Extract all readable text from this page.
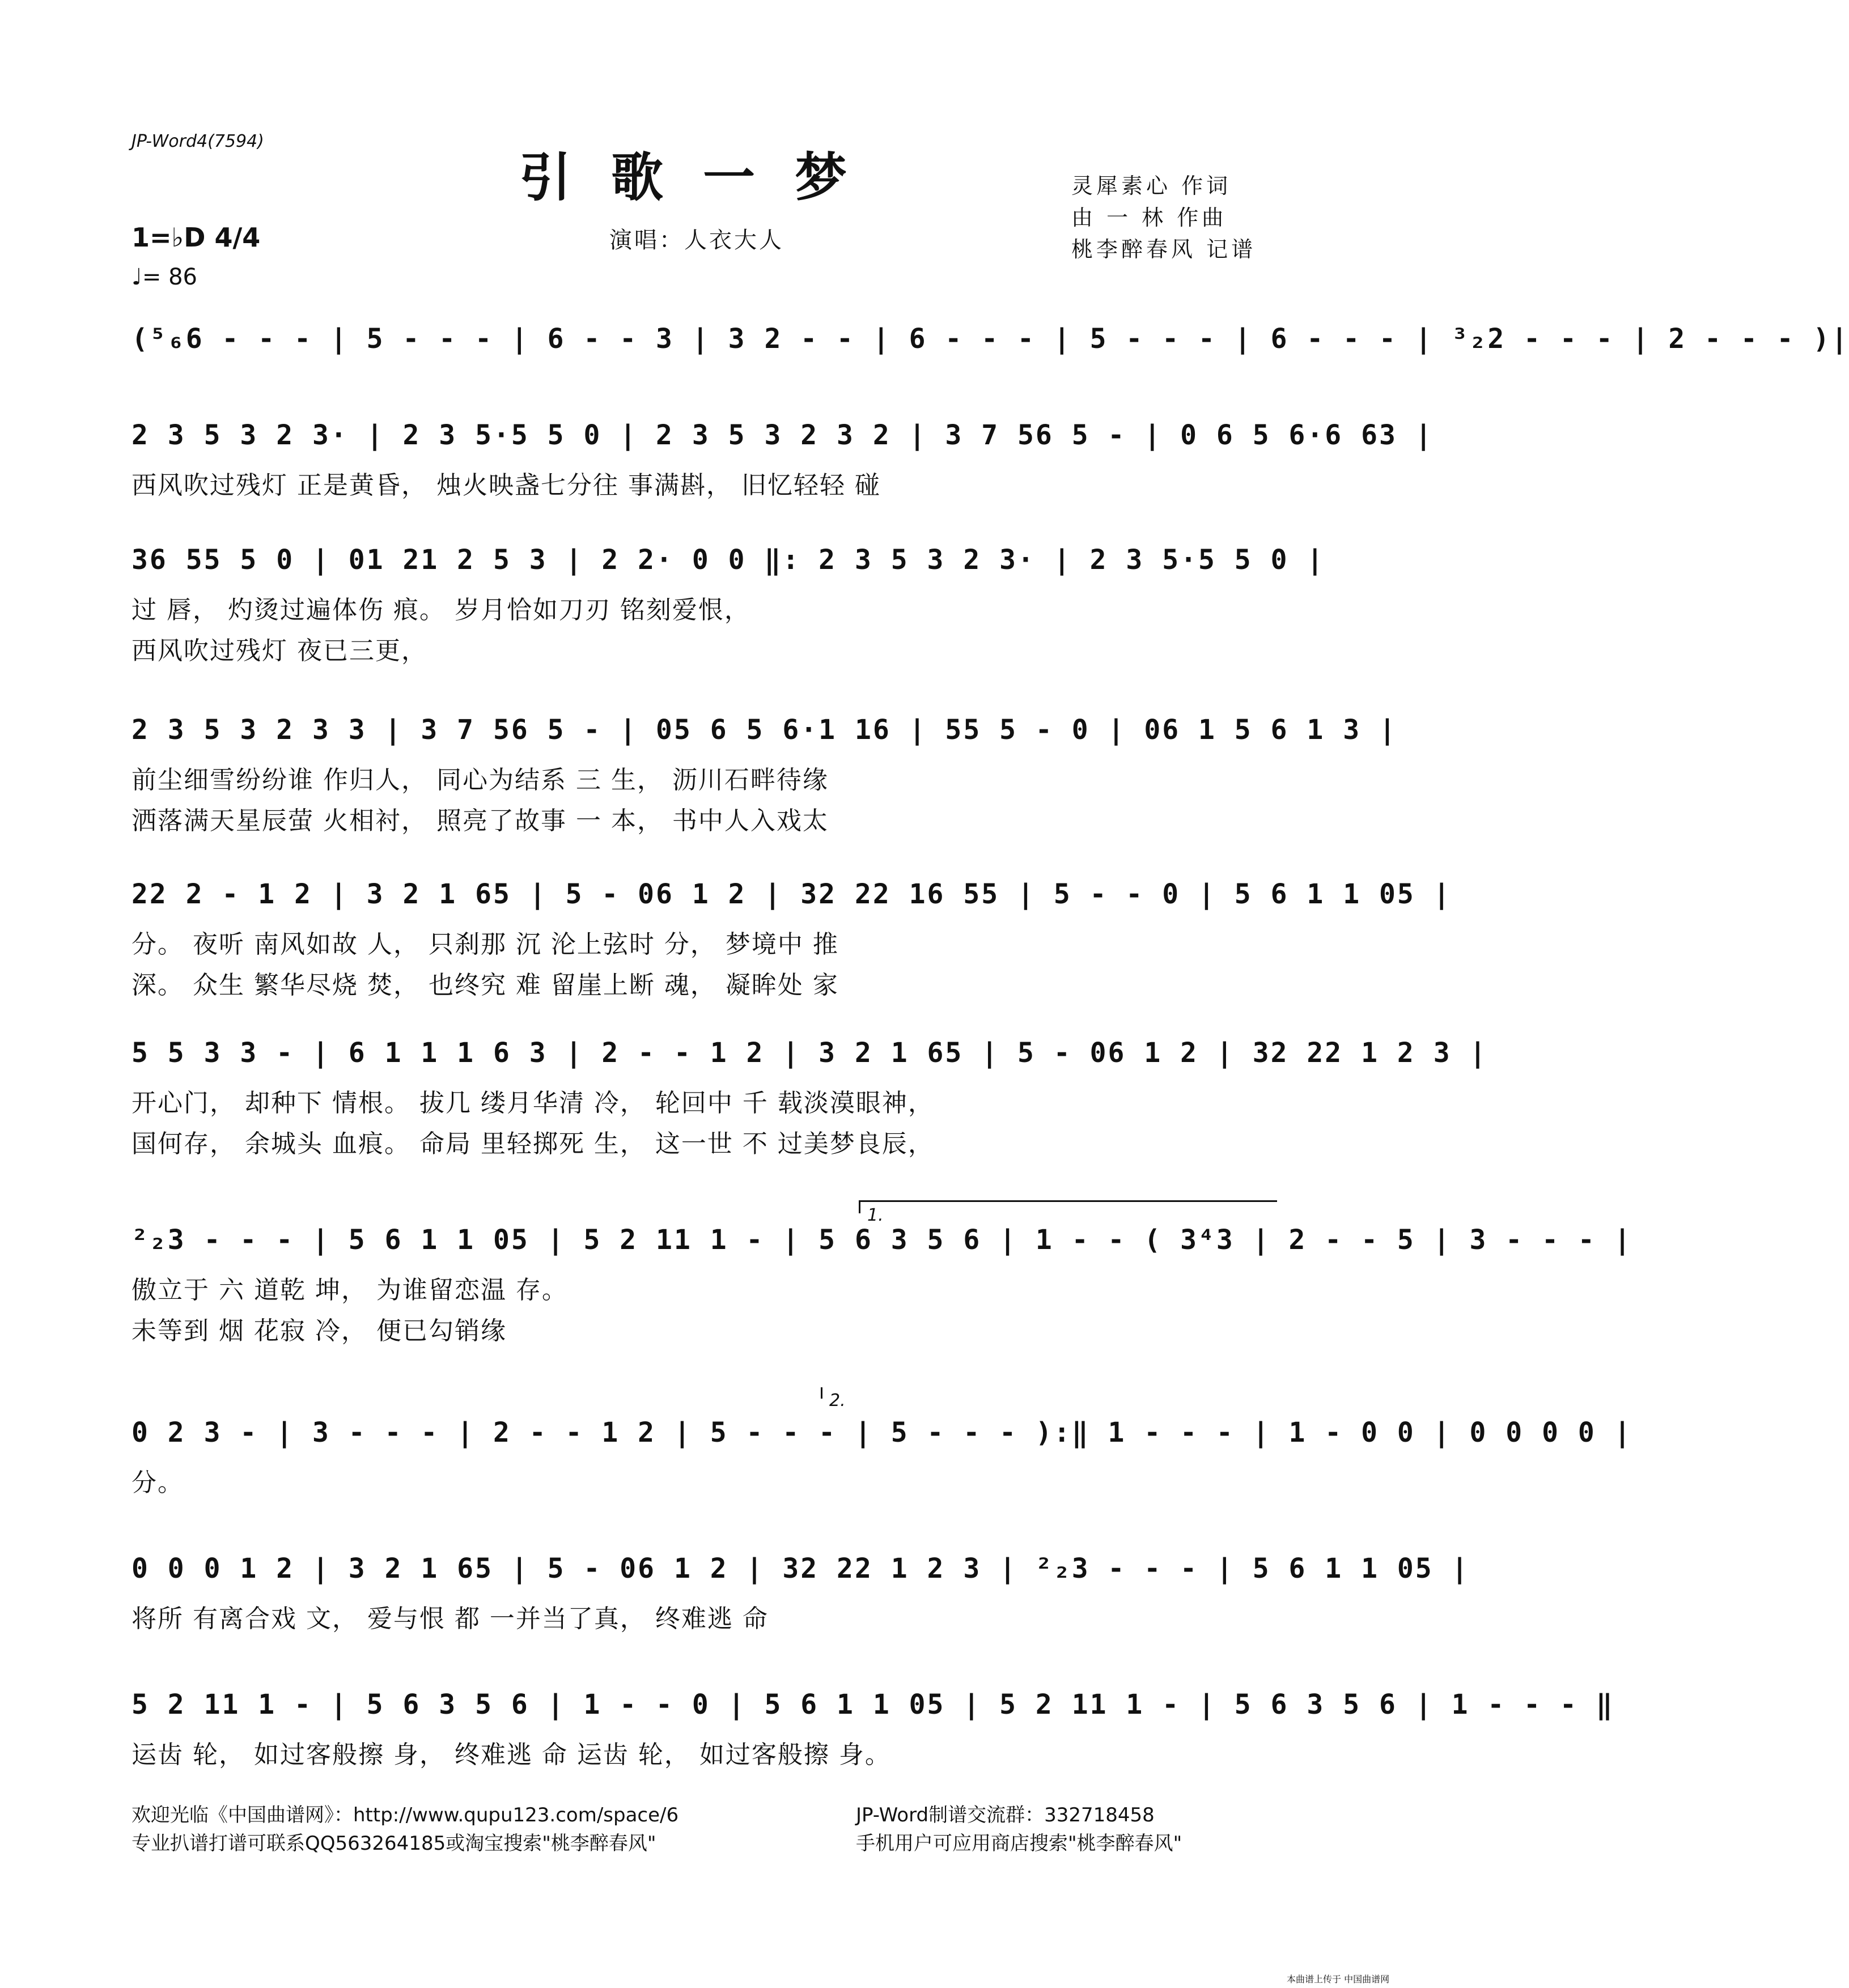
JP-Word4(7594)
引歌一梦
演唱：人衣大人
灵犀素心 作词
由 一 林 作曲
桃李醉春风 记谱
1=♭D 4/4
♩= 86
(⁵₆6 - - - | 5 - - - | 6 - - 3 | 3 2 - - | 6 - - - | 5 - - - | 6 - - - | ³₂2 - - - | 2 - - - )|
2 3 5 3 2 3· | 2 3 5·5 5 0 | 2 3 5 3 2 3 2 | 3 7 56 5 - | 0 6 5 6·6 63 |
西风吹过残灯 正是黄昏， 烛火映盏七分往 事满斟， 旧忆轻轻 碰
36 55 5 0 | 01 21 2 5 3 | 2 2· 0 0 ‖: 2 3 5 3 2 3· | 2 3 5·5 5 0 |
过 唇， 灼烫过遍体伤 痕。 岁月恰如刀刃 铭刻爱恨，
西风吹过残灯 夜已三更，
2 3 5 3 2 3 3 | 3 7 56 5 - | 05 6 5 6·1 16 | 55 5 - 0 | 06 1 5 6 1 3 |
前尘细雪纷纷谁 作归人， 同心为结系 三 生， 沥川石畔待缘
洒落满天星辰萤 火相衬， 照亮了故事 一 本， 书中人入戏太
22 2 - 1 2 | 3 2 1 65 | 5 - 06 1 2 | 32 22 16 55 | 5 - - 0 | 5 6 1 1 05 |
分。 夜听 南风如故 人， 只刹那 沉 沦上弦时 分， 梦境中 推
深。 众生 繁华尽烧 焚， 也终究 难 留崖上断 魂， 凝眸处 家
5 5 3 3 - | 6 1 1 1 6 3 | 2 - - 1 2 | 3 2 1 65 | 5 - 06 1 2 | 32 22 1 2 3 |
开心门， 却种下 情根。 拔几 缕月华清 冷， 轮回中 千 载淡漠眼神，
国何存， 余城头 血痕。 命局 里轻掷死 生， 这一世 不 过美梦良辰，
²₂3 - - - | 5 6 1 1 05 | 5 2 11 1 - | 5 6 3 5 6 | 1 - - ( 3⁴3 | 2 - - 5 | 3 - - - |
傲立于 六 道乾 坤， 为谁留恋温 存。
未等到 烟 花寂 冷， 便已勾销缘
0 2 3 - | 3 - - - | 2 - - 1 2 | 5 - - - | 5 - - - ):‖ 1 - - - | 1 - 0 0 | 0 0 0 0 |
分。
0 0 0 1 2 | 3 2 1 65 | 5 - 06 1 2 | 32 22 1 2 3 | ²₂3 - - - | 5 6 1 1 05 |
将所 有离合戏 文， 爱与恨 都 一并当了真， 终难逃 命
5 2 11 1 - | 5 6 3 5 6 | 1 - - 0 | 5 6 1 1 05 | 5 2 11 1 - | 5 6 3 5 6 | 1 - - - ‖
运齿 轮， 如过客般擦 身， 终难逃 命 运齿 轮， 如过客般擦 身。
1.
2.
欢迎光临《中国曲谱网》：http://www.qupu123.com/space/6
专业扒谱打谱可联系QQ563264185或淘宝搜索"桃李醉春风"
JP-Word制谱交流群：332718458
手机用户可应用商店搜索"桃李醉春风"
本曲谱上传于 中国曲谱网
